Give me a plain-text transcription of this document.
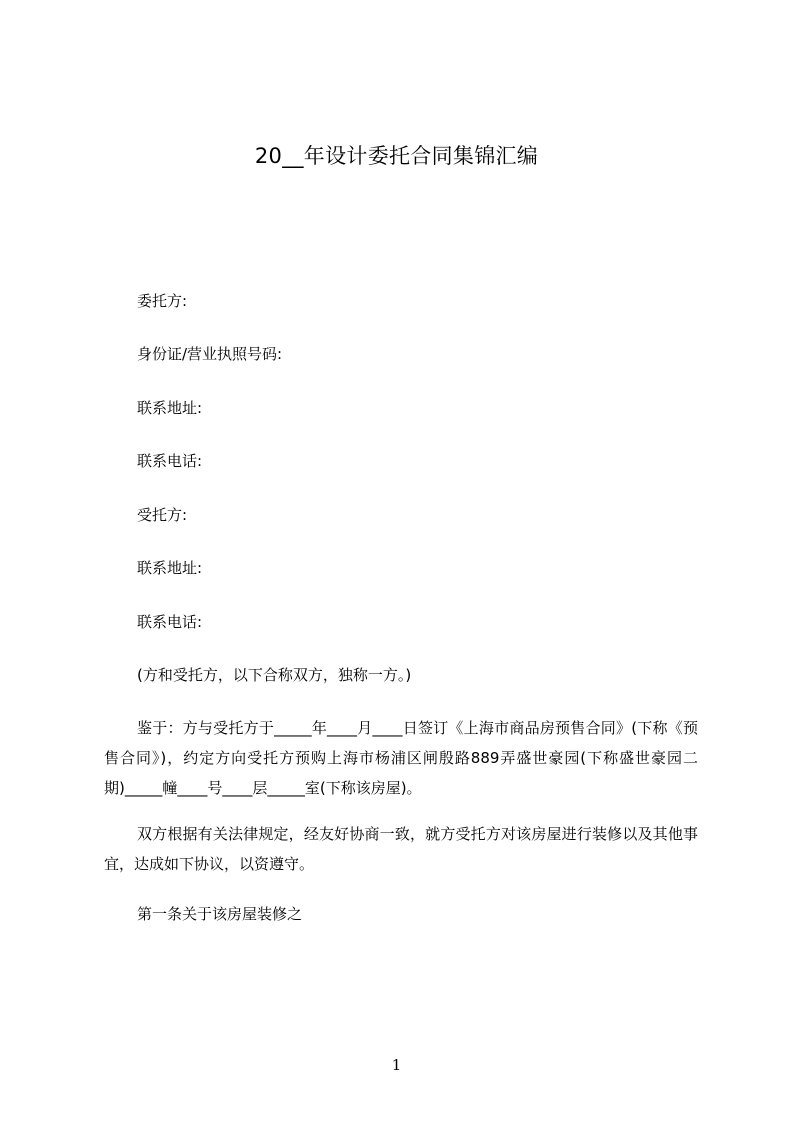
20__年设计委托合同集锦汇编

委托方:

身份证/营业执照号码:

联系地址:

联系电话:

受托方:

联系地址:

联系电话:

(方和受托方，以下合称双方，独称一方。)

鉴于：方与受托方于_____年____月____日签订《上海市商品房预售合同》(下称《预售合同》)，约定方向受托方预购上海市杨浦区闸殷路889弄盛世豪园(下称盛世豪园二期)_____幢____号____层_____室(下称该房屋)。

双方根据有关法律规定，经友好协商一致，就方受托方对该房屋进行装修以及其他事宜，达成如下协议，以资遵守。

第一条关于该房屋装修之

1
